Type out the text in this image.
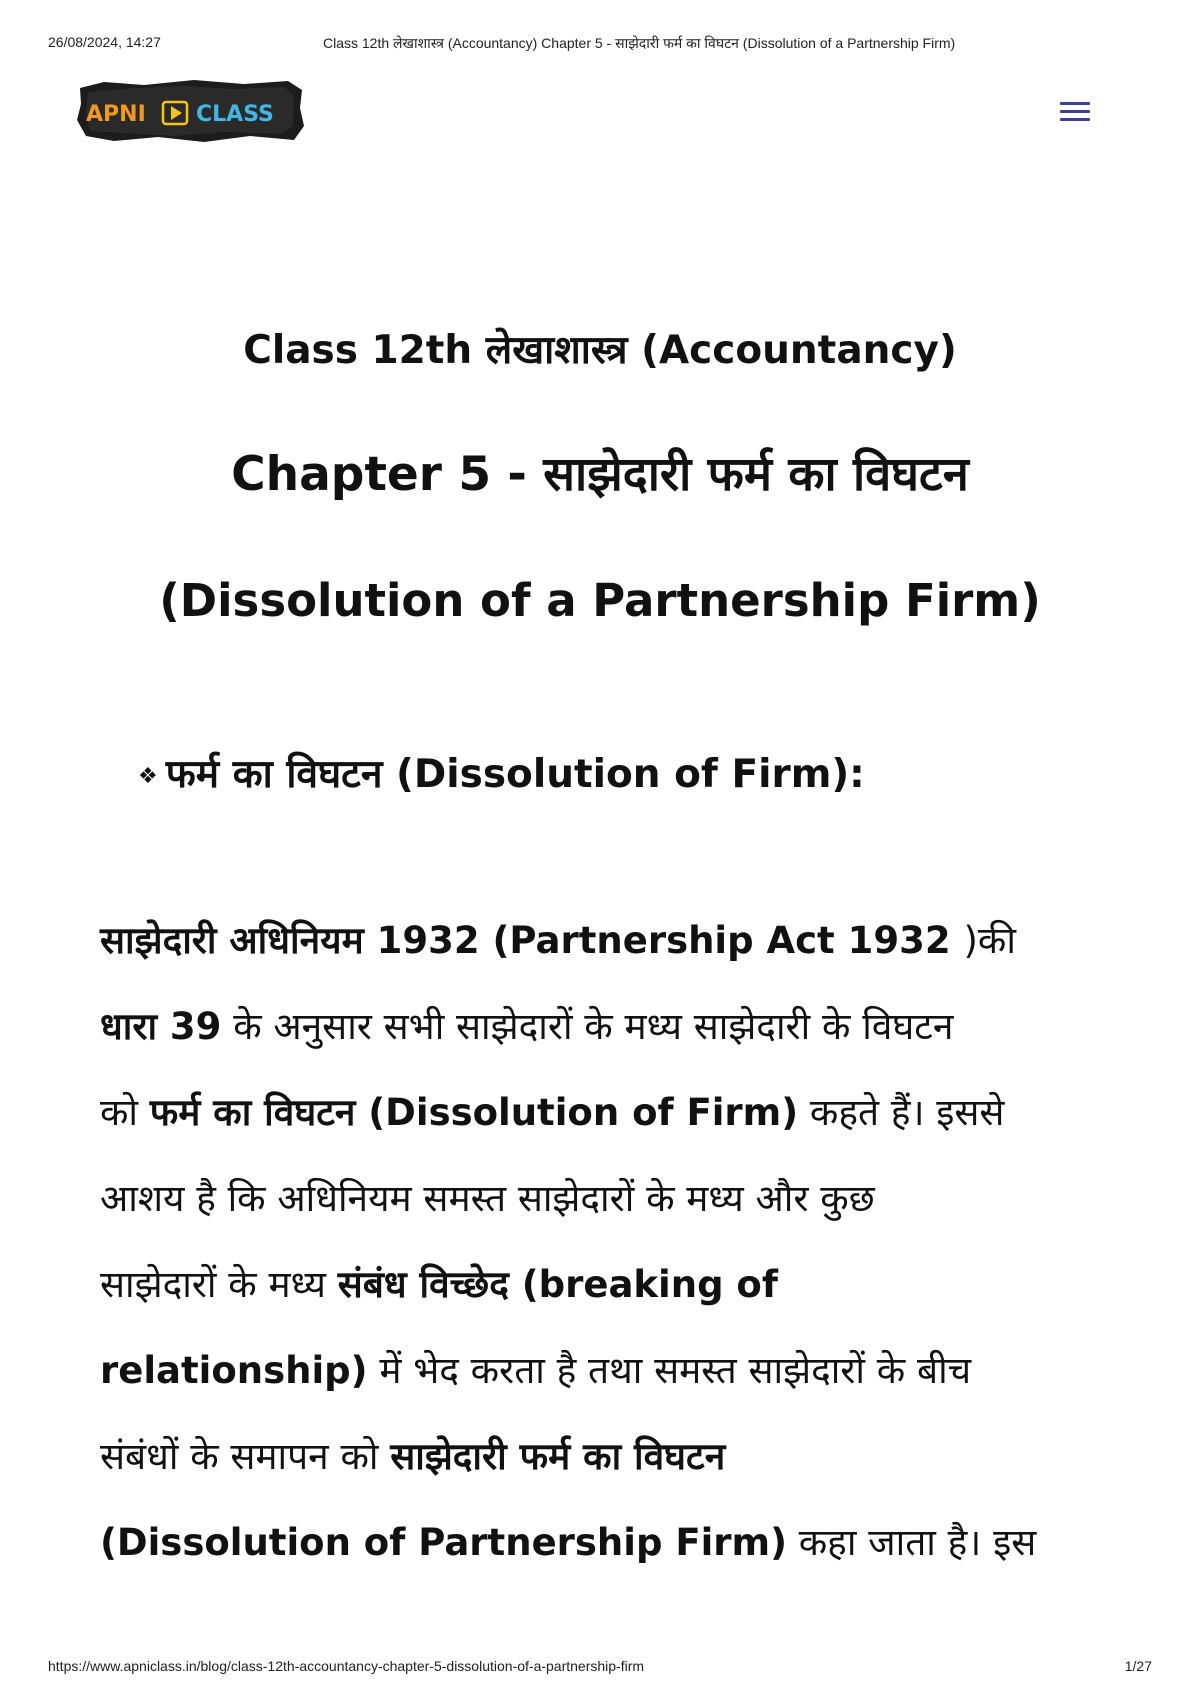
26/08/2024, 14:27	Class 12th लेखाशास्त्र (Accountancy) Chapter 5 - साझेदारी फर्म का विघटन (Dissolution of a Partnership Firm)
APNI CLASS
Class 12th लेखाशास्त्र (Accountancy)
Chapter 5 - साझेदारी फर्म का विघटन
(Dissolution of a Partnership Firm)
❖ फर्म का विघटन (Dissolution of Firm):
साझेदारी अधिनियम 1932 (Partnership Act 1932 )की
धारा 39 के अनुसार सभी साझेदारों के मध्य साझेदारी के विघटन
को फर्म का विघटन (Dissolution of Firm) कहते हैं। इससे
आशय है कि अधिनियम समस्त साझेदारों के मध्य और कुछ
साझेदारों के मध्य संबंध विच्छेद (breaking of
relationship) में भेद करता है तथा समस्त साझेदारों के बीच
संबंधों के समापन को साझेदारी फर्म का विघटन
(Dissolution of Partnership Firm) कहा जाता है। इस
https://www.apniclass.in/blog/class-12th-accountancy-chapter-5-dissolution-of-a-partnership-firm	1/27
